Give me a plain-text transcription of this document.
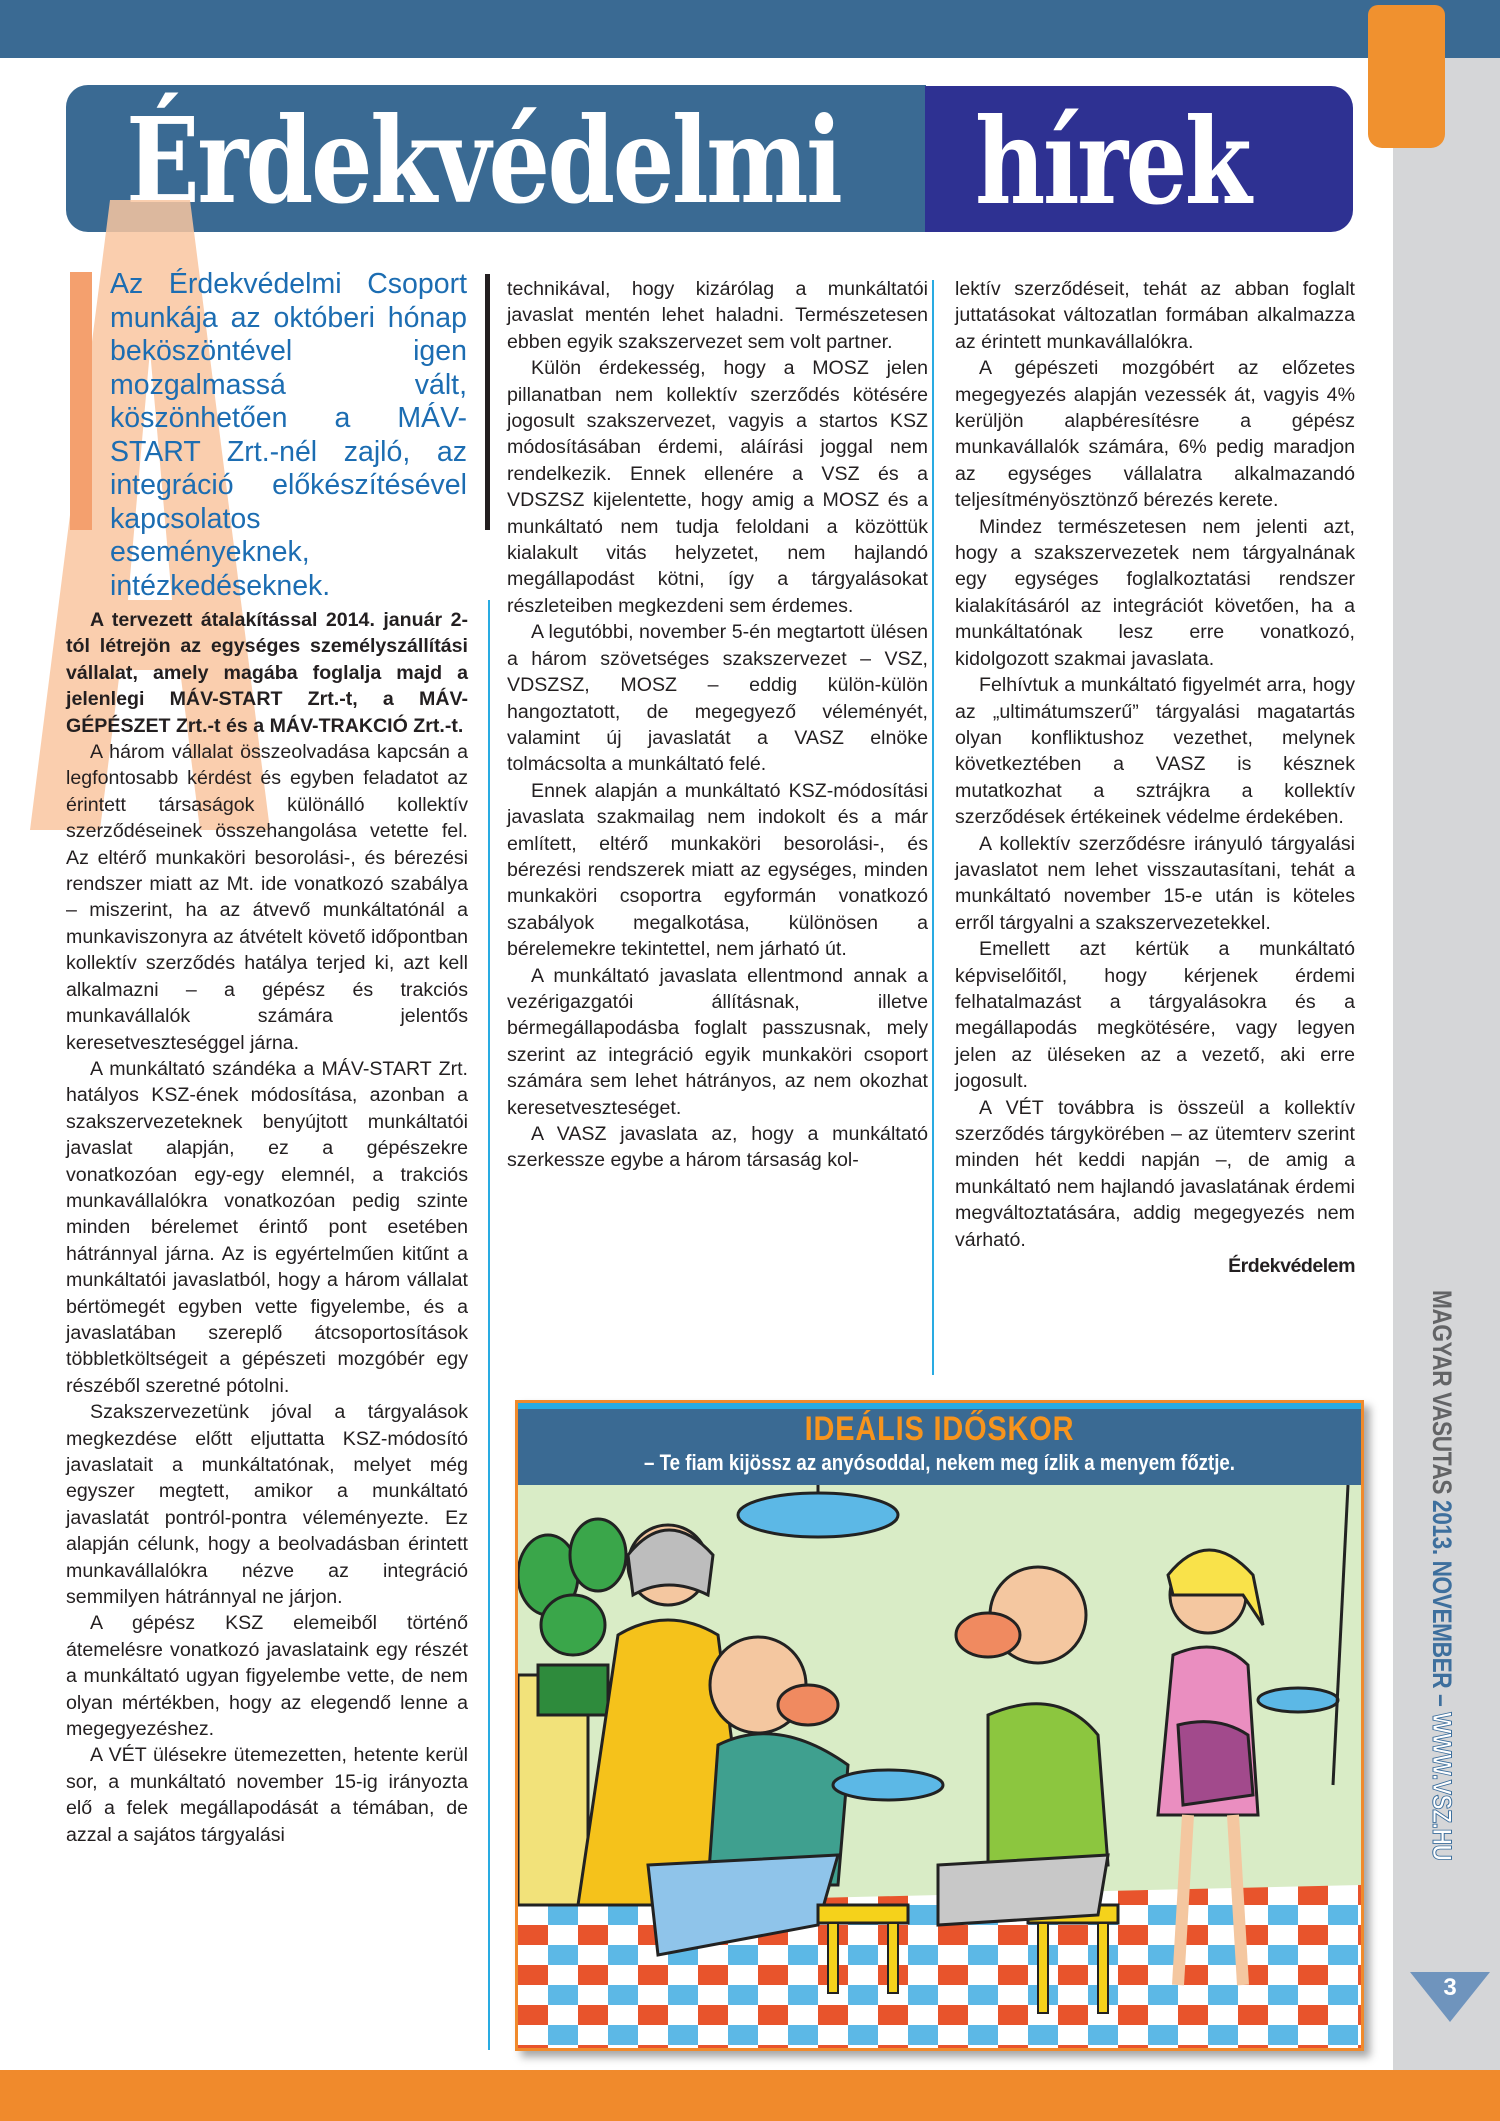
Érdekvédelmi hírek
Az Érdekvédelmi Csoport munkája az októberi hónap beköszöntével igen mozgalmassá vált, köszönhetően a MÁV-START Zrt.-nél zajló, az integráció előkészítésével kapcsolatos eseményeknek, intézkedéseknek.

A tervezett átalakítással 2014. január 2-tól létrejön az egységes személyszállítási vállalat, amely magába foglalja majd a jelenlegi MÁV-START Zrt.-t, a MÁV-GÉPÉSZET Zrt.-t és a MÁV-TRAKCIÓ Zrt.-t.

A három vállalat összeolvadása kapcsán a legfontosabb kérdést és egyben feladatot az érintett társaságok különálló kollektív szerződéseinek összehangolása vetette fel. Az eltérő munkaköri besorolási-, és bérezési rendszer miatt az Mt. ide vonatkozó szabálya – miszerint, ha az átvevő munkáltatónál a munkaviszonyra az átvételt követő időpontban kollektív szerződés hatálya terjed ki, azt kell alkalmazni – a gépész és trakciós munkavállalók számára jelentős keresetveszteséggel járna.

A munkáltató szándéka a MÁV-START Zrt. hatályos KSZ-ének módosítása, azonban a szakszervezeteknek benyújtott munkáltatói javaslat alapján, ez a gépészekre vonatkozóan egy-egy elemnél, a trakciós munkavállalókra vonatkozóan pedig szinte minden bérelemet érintő pont esetében hátránnyal járna. Az is egyértelműen kitűnt a munkáltatói javaslatból, hogy a három vállalat bértömegét egyben vette figyelembe, és a javaslatában szereplő átcsoportosítások többletköltségeit a gépészeti mozgóbér egy részéből szeretné pótolni.

Szakszervezetünk jóval a tárgyalások megkezdése előtt eljuttatta KSZ-módosító javaslatait a munkáltatónak, melyet még egyszer megtett, amikor a munkáltató javaslatát pontról-pontra véleményezte. Ez alapján célunk, hogy a beolvadásban érintett munkavállalókra nézve az integráció semmilyen hátránnyal ne járjon.

A gépész KSZ elemeiből történő átemelésre vonatkozó javaslataink egy részét a munkáltató ugyan figyelembe vette, de nem olyan mértékben, hogy az elegendő lenne a megegyezéshez.

A VÉT ülésekre ütemezetten, hetente kerül sor, a munkáltató november 15-ig irányozta elő a felek megállapodását a témában, de azzal a sajátos tárgyalási

technikával, hogy kizárólag a munkáltatói javaslat mentén lehet haladni. Természetesen ebben egyik szakszervezet sem volt partner.

Külön érdekesség, hogy a MOSZ jelen pillanatban nem kollektív szerződés kötésére jogosult szakszervezet, vagyis a startos KSZ módosításában érdemi, aláírási joggal nem rendelkezik. Ennek ellenére a VSZ és a VDSZSZ kijelentette, hogy amig a MOSZ és a munkáltató nem tudja feloldani a közöttük kialakult vitás helyzetet, nem hajlandó megállapodást kötni, így a tárgyalásokat részleteiben megkezdeni sem érdemes.

A legutóbbi, november 5-én megtartott ülésen a három szövetséges szakszervezet – VSZ, VDSZSZ, MOSZ – eddig külön-külön hangoztatott, de megegyező véleményét, valamint új javaslatát a VASZ elnöke tolmácsolta a munkáltató felé.

Ennek alapján a munkáltató KSZ-módosítási javaslata szakmailag nem indokolt és a már említett, eltérő munkaköri besorolási-, és bérezési rendszerek miatt az egységes, minden munkaköri csoportra egyformán vonatkozó szabályok megalkotása, különösen a bérelemekre tekintettel, nem járható út.

A munkáltató javaslata ellentmond annak a vezérigazgatói állításnak, illetve bérmegállapodásba foglalt passzusnak, mely szerint az integráció egyik munkaköri csoport számára sem lehet hátrányos, az nem okozhat keresetveszteséget.

A VASZ javaslata az, hogy a munkáltató szerkessze egybe a három társaság kol-

lektív szerződéseit, tehát az abban foglalt juttatásokat változatlan formában alkalmazza az érintett munkavállalókra.

A gépészeti mozgóbért az előzetes megegyezés alapján vezessék át, vagyis 4% kerüljön alapbéresítésre a gépész munkavállalók számára, 6% pedig maradjon az egységes vállalatra alkalmazandó teljesítményösztönző bérezés kerete.

Mindez természetesen nem jelenti azt, hogy a szakszervezetek nem tárgyalnának egy egységes foglalkoztatási rendszer kialakításáról az integrációt követően, ha a munkáltatónak lesz erre vonatkozó, kidolgozott szakmai javaslata.

Felhívtuk a munkáltató figyelmét arra, hogy az „ultimátumszerű” tárgyalási magatartás olyan konfliktushoz vezethet, melynek következtében a VASZ is késznek mutatkozhat a sztrájkra a kollektív szerződések értékeinek védelme érdekében.

A kollektív szerződésre irányuló tárgyalási javaslatot nem lehet visszautasítani, tehát a munkáltató november 15-e után is köteles erről tárgyalni a szakszervezetekkel.

Emellett azt kértük a munkáltató képviselőitől, hogy kérjenek érdemi felhatalmazást a tárgyalásokra és a megállapodás megkötésére, vagy legyen jelen az üléseken az a vezető, aki erre jogosult.

A VÉT továbbra is összeül a kollektív szerződés tárgykörében – az ütemterv szerint minden hét keddi napján –, de amig a munkáltató nem hajlandó javaslatának érdemi megváltoztatására, addig megegyezés nem várható.

Érdekvédelem

IDEÁLIS IDŐSKOR
– Te fiam kijössz az anyósoddal, nekem meg ízlik a menyem főztje.	MAGYAR VASUTAS 2013. NOVEMBER – WWW.VSZ.HU
3
